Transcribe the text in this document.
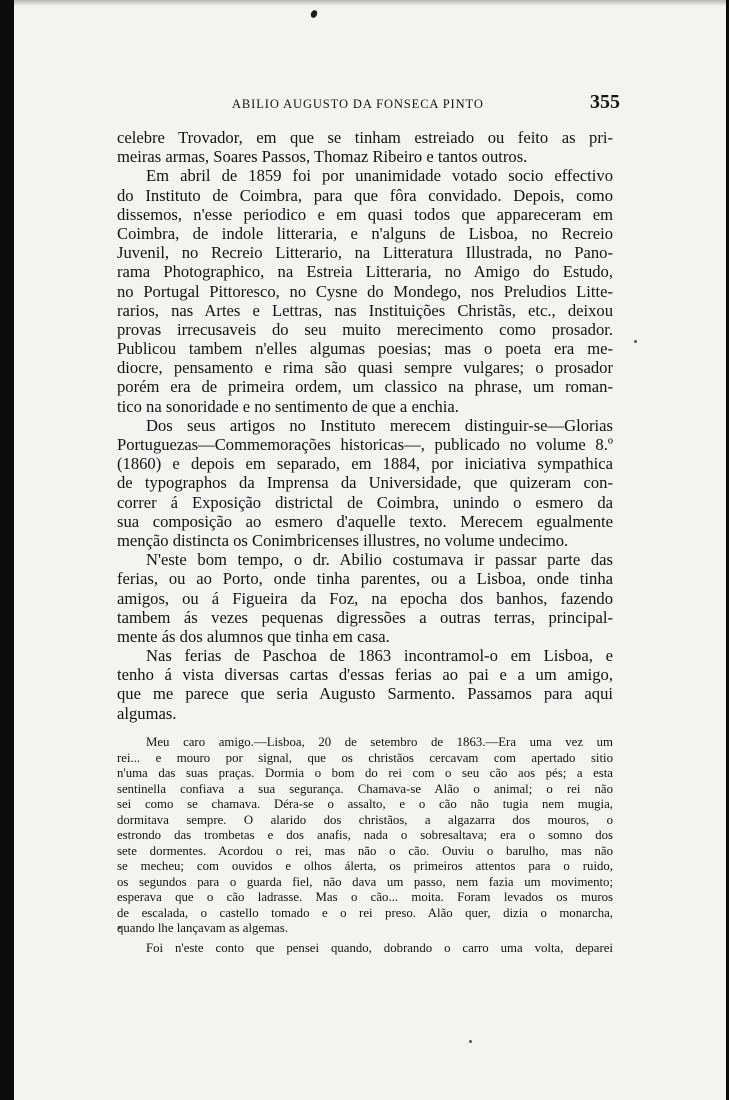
ABILIO AUGUSTO DA FONSECA PINTO	355
celebre Trovador, em que se tinham estreiado ou feito as pri-
meiras armas, Soares Passos, Thomaz Ribeiro e tantos outros.
Em abril de 1859 foi por unanimidade votado socio effectivo
do Instituto de Coimbra, para que fôra convidado. Depois, como
dissemos, n'esse periodico e em quasi todos que appareceram em
Coimbra, de indole litteraria, e n'alguns de Lisboa, no Recreio
Juvenil, no Recreio Litterario, na Litteratura Illustrada, no Pano-
rama Photographico, na Estreia Litteraria, no Amigo do Estudo,
no Portugal Pittoresco, no Cysne do Mondego, nos Preludios Litte-
rarios, nas Artes e Lettras, nas Instituições Christãs, etc., deixou
provas irrecusaveis do seu muito merecimento como prosador.
Publicou tambem n'elles algumas poesias; mas o poeta era me-
diocre, pensamento e rima são quasi sempre vulgares; o prosador
porém era de primeira ordem, um classico na phrase, um roman-
tico na sonoridade e no sentimento de que a enchia.
Dos seus artigos no Instituto merecem distinguir-se—Glorias
Portuguezas—Commemorações historicas—, publicado no volume 8.º
(1860) e depois em separado, em 1884, por iniciativa sympathica
de typographos da Imprensa da Universidade, que quizeram con-
correr á Exposição districtal de Coimbra, unindo o esmero da
sua composição ao esmero d'aquelle texto. Merecem egualmente
menção distincta os Conimbricenses illustres, no volume undecimo.
N'este bom tempo, o dr. Abilio costumava ir passar parte das
ferias, ou ao Porto, onde tinha parentes, ou a Lisboa, onde tinha
amigos, ou á Figueira da Foz, na epocha dos banhos, fazendo
tambem ás vezes pequenas digressões a outras terras, principal-
mente ás dos alumnos que tinha em casa.
Nas ferias de Paschoa de 1863 incontramol-o em Lisboa, e
tenho á vista diversas cartas d'essas ferias ao pai e a um amigo,
que me parece que seria Augusto Sarmento. Passamos para aqui
algumas.
Meu caro amigo.—Lisboa, 20 de setembro de 1863.—Era uma vez um
rei... e mouro por signal, que os christãos cercavam com apertado sitio
n'uma das suas praças. Dormia o bom do rei com o seu cão aos pés; a esta
sentinella confiava a sua segurança. Chamava-se Alão o animal; o rei não
sei como se chamava. Déra-se o assalto, e o cão não tugia nem mugia,
dormitava sempre. O alarido dos christãos, a algazarra dos mouros, o
estrondo das trombetas e dos anafis, nada o sobresaltava; era o somno dos
sete dormentes. Acordou o rei, mas não o cão. Ouviu o barulho, mas não
se mecheu; com ouvidos e olhos álerta, os primeiros attentos para o ruido,
os segundos para o guarda fiel, não dava um passo, nem fazia um movimento;
esperava que o cão ladrasse. Mas o cão... moita. Foram levados os muros
de escalada, o castello tomado e o rei preso. Alão quer, dizia o monarcha,
quando lhe lançavam as algemas.
Foi n'este conto que pensei quando, dobrando o carro uma volta, deparei
